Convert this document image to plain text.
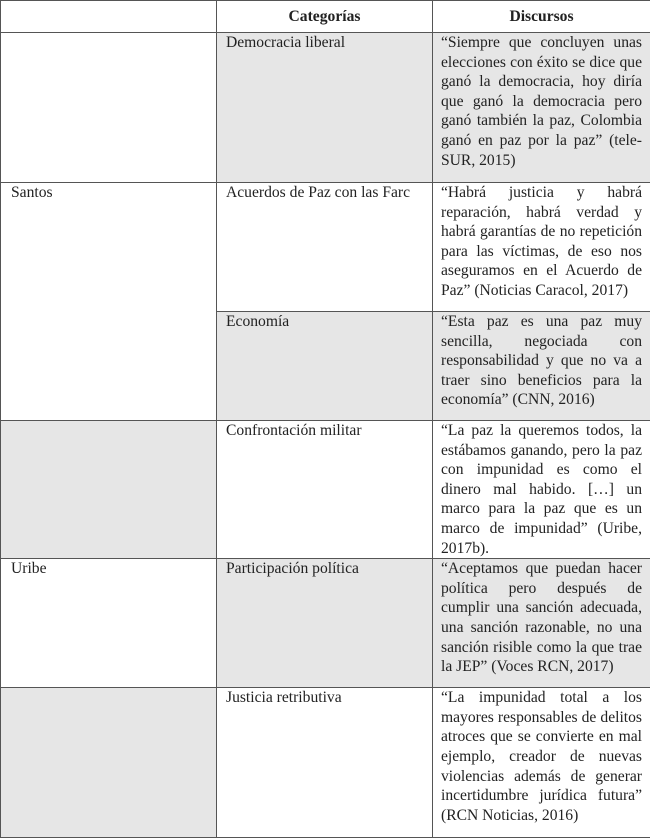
	Categorías	Discursos
	Democracia liberal	“Siempre que concluyen unas elecciones con éxito se dice que ganó la democracia, hoy diría que ganó la democracia pero ganó también la paz, Colombia ganó en paz por la paz” (tele-SUR, 2015)
Santos	Acuerdos de Paz con las Farc	“Habrá justicia y habrá reparación, habrá verdad y habrá garantías de no repetición para las víctimas, de eso nos aseguramos en el Acuerdo de Paz” (Noticias Caracol, 2017)
	Economía	“Esta paz es una paz muy sencilla, negociada con responsabilidad y que no va a traer sino beneficios para la economía” (CNN, 2016)
	Confrontación militar	“La paz la queremos todos, la estábamos ganando, pero la paz con impunidad es como el dinero mal habido. […] un marco para la paz que es un marco de impunidad” (Uribe, 2017b).
Uribe	Participación política	“Aceptamos que puedan hacer política pero después de cumplir una sanción adecuada, una sanción razonable, no una sanción risible como la que trae la JEP” (Voces RCN, 2017)
	Justicia retributiva	“La impunidad total a los mayores responsables de delitos atroces que se convierte en mal ejemplo, creador de nuevas violencias además de generar incertidumbre jurídica futura” (RCN Noticias, 2016)
